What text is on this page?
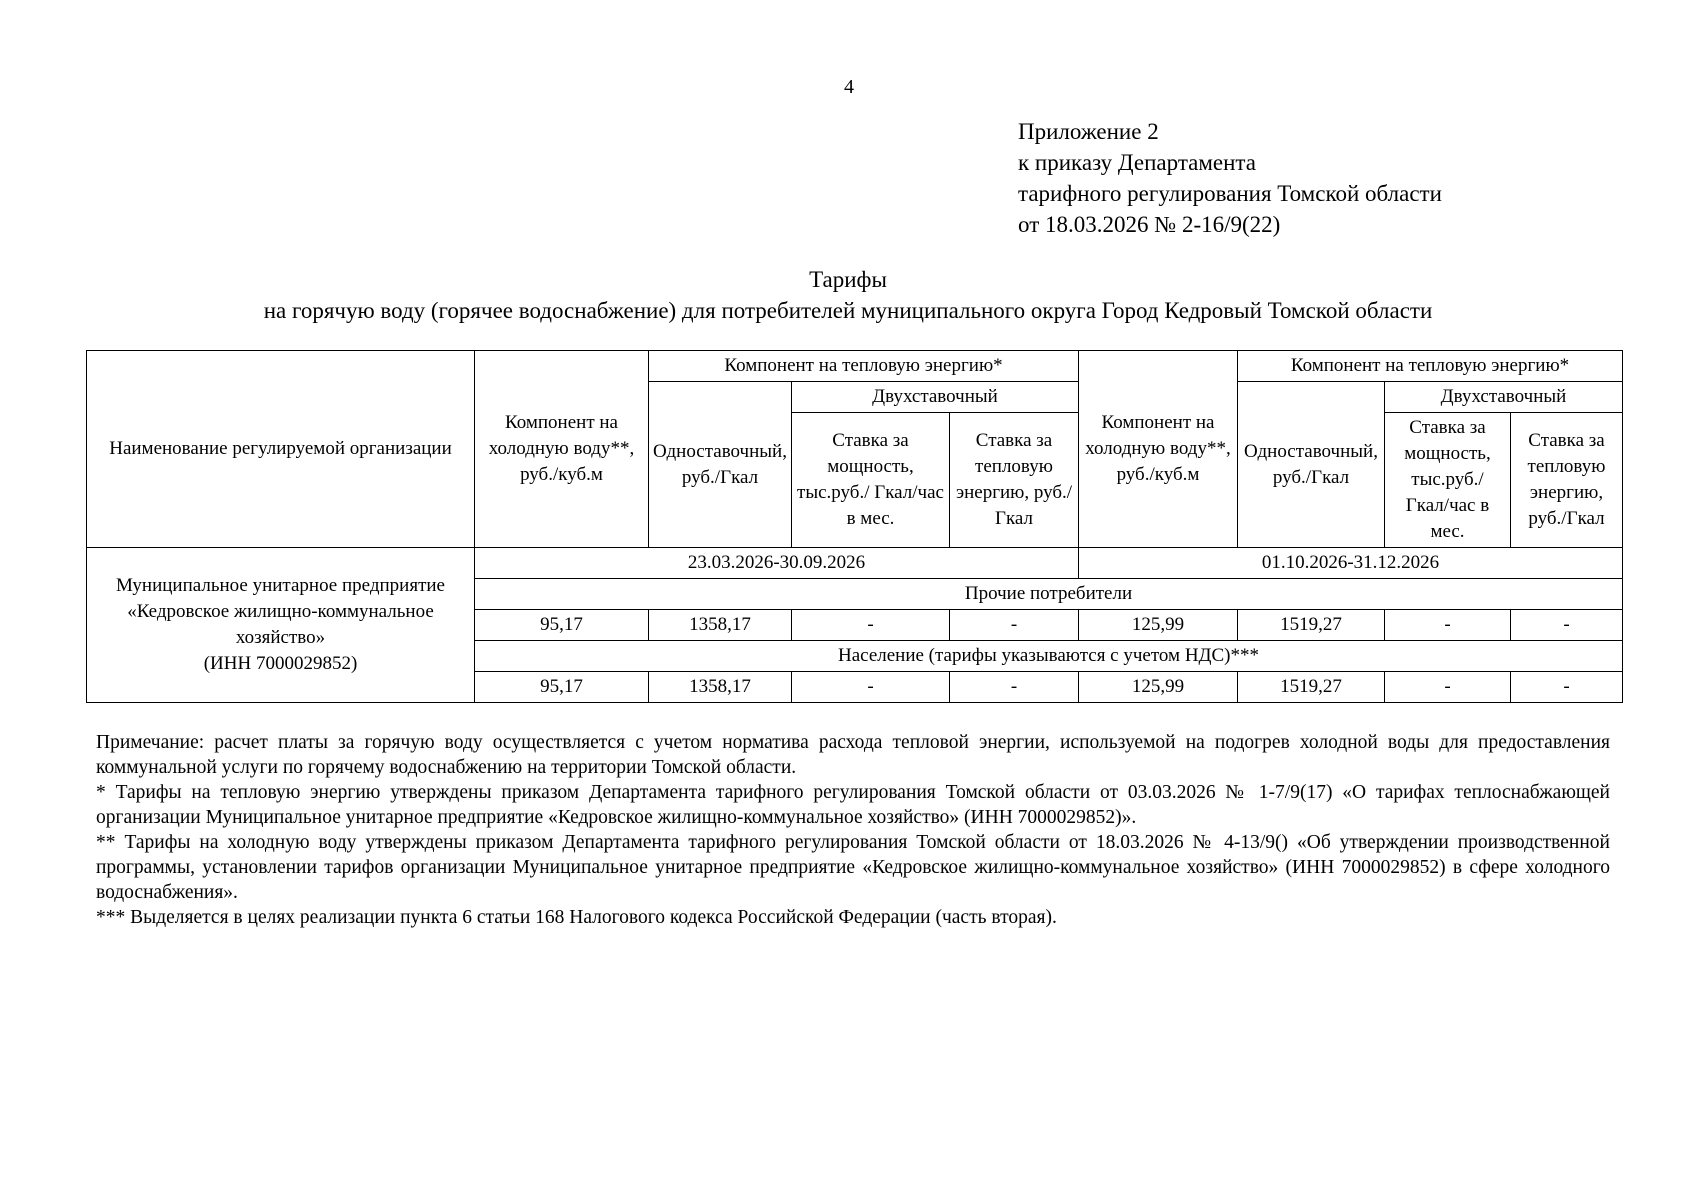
4
Приложение 2
к приказу Департамента
тарифного регулирования Томской области
от 18.03.2026 № 2-16/9(22)
Тарифы
на горячую воду (горячее водоснабжение) для потребителей муниципального округа Город Кедровый Томской области
Наименование регулируемой организации	Компонент на холодную воду**, руб./куб.м	Компонент на тепловую энергию*			Компонент на холодную воду**, руб./куб.м	Компонент на тепловую энергию*		
		Одноставочный, руб./Гкал	Двухставочный			Одноставочный, руб./Гкал	Двухставочный	
			Ставка за мощность, тыс.руб./ Гкал/час в мес.	Ставка за тепловую энергию, руб./Гкал			Ставка за мощность, тыс.руб./ Гкал/час в мес.	Ставка за тепловую энергию, руб./Гкал

Муниципальное унитарное предприятие
«Кедровское жилищно-коммунальное хозяйство»
(ИНН 7000029852)	23.03.2026-30.09.2026				01.10.2026-31.12.2026			
	Прочие потребители							
	95,17	1358,17	-	-	125,99	1519,27	-	-
	Население (тарифы указываются с учетом НДС)***							
	95,17	1358,17	-	-	125,99	1519,27	-	-

Примечание: расчет платы за горячую воду осуществляется с учетом норматива расхода тепловой энергии, используемой на подогрев холодной воды для предоставления коммунальной услуги по горячему водоснабжению на территории Томской области.

* Тарифы на тепловую энергию утверждены приказом Департамента тарифного регулирования Томской области от 03.03.2026 № 1-7/9(17) «О тарифах теплоснабжающей организации Муниципальное унитарное предприятие «Кедровское жилищно-коммунальное хозяйство» (ИНН 7000029852)».

** Тарифы на холодную воду утверждены приказом Департамента тарифного регулирования Томской области от 18.03.2026 № 4-13/9() «Об утверждении производственной программы, установлении тарифов организации Муниципальное унитарное предприятие «Кедровское жилищно-коммунальное хозяйство» (ИНН 7000029852) в сфере холодного водоснабжения».

*** Выделяется в целях реализации пункта 6 статьи 168 Налогового кодекса Российской Федерации (часть вторая).
